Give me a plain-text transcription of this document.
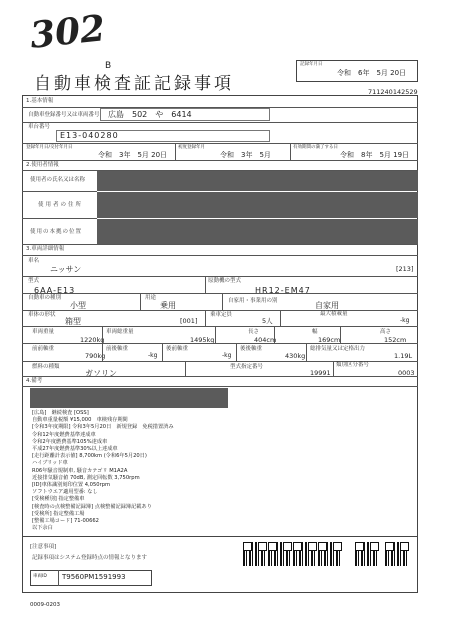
302
B
自動車検査証記録事項
記録年月日
令和　6年　5月 20日
711240142529
1.基本情報
自動車登録番号又は車両番号 広島　502　や　6414
車台番号
E13-040280
登録年月日/交付年月日
令和　3年　5月 20日
初度登録年月
令和　3年　5月
有効期間の満了する日
令和　8年　5月 19日
2.使用者情報
使用者の氏名又は名称
使用者の住所
使用の本拠の位置
3.車両詳細情報
車名
ニッサン	[213]
型式
6AA-E13
原動機の型式
HR12-EM47
自動車の種別
小型
用途
乗用	自家用・事業用の別	自家用
車体の形状
箱型	[001]
乗車定員
5人
最大積載量
-kg
車両重量
1220kg
車両総重量
1495kg
長さ
404cm
幅
169cm
高さ
152cm
前前軸重
790kg
前後軸重
-kg
後前軸重
-kg
後後軸重
430kg
総排気量又は定格出力
1.19L
燃料の種類
ガソリン
型式指定番号
19991
類別区分番号
0003
4.備考
[広島]　継続検査 [OSS]
自動車重量税額 ¥15,000　車検残存期間
[令和3年度期限] 令和3年5月20日　新規登録　免税措置済み
令和12年度燃費基準達成車
令和2年度燃費基準105%達成車
平成27年度燃費基準30%以上達成車
[走行距離計表示値] 8,700km (令和6年5月20日)
ハイブリッド車
R06年騒音規制車, 騒音カテゴリ M1A2A
近接排気騒音値 70dB, 測定回転数 3,750rpm
[ID]車体識別刻印位置 4,050rpm
ソフトウエア適用型番: なし
[受検種別] 指定整備車
[検査時の点検整備記録簿] 点検整備記録簿記載あり
[受検所] 指定整備工場
[整備工場コード] 71-00662
以下余白
[注意事項]
記録事項はシステム登録時点の情報となります
車両ID T9560PM1591993
0009-0203
